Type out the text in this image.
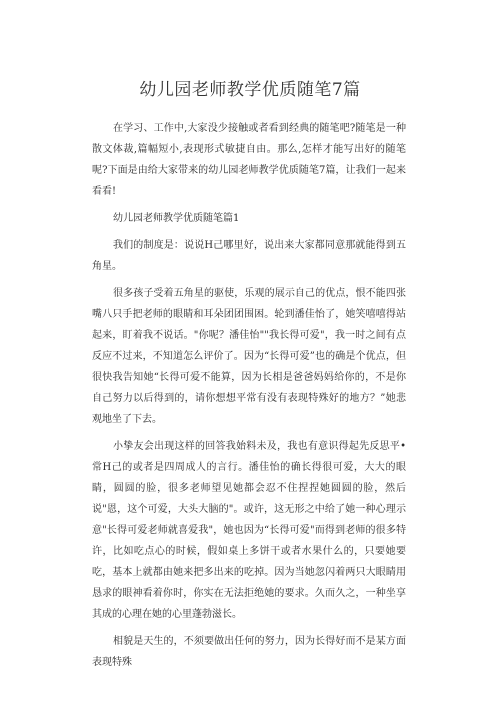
幼儿园老师教学优质随笔7篇

在学习、工作中,大家没少接触或者看到经典的随笔吧?随笔是一种散文体裁,篇幅短小,表现形式敏捷自由。那么,怎样才能写出好的随笔呢?下面是由给大家带来的幼儿园老师教学优质随笔7篇，让我们一起来看看!

幼儿园老师教学优质随笔篇1

我们的制度是：说说H己哪里好，说出来大家都同意那就能得到五角星。

很多孩子受着五角星的驱使，乐观的展示自己的优点，恨不能四张嘴八只手把老师的眼睛和耳朵团团围困。轮到潘佳怡了，她笑嘻嘻得站起来，盯着我不说话。"你呢？潘佳怡""我长得可爱"，我一时之间有点反应不过来，不知道怎么评价了。因为“长得可爱”也的确是个优点，但很快我告知她“长得可爱不能算，因为长相是爸爸妈妈给你的，不是你自己努力以后得到的，请你想想平常有没有表现特殊好的地方？”她悲观地坐了下去。

小挚友会出现这样的回答我始料未及，我也有意识得起先反思平•常H己的或者是四周成人的言行。潘佳怡的确长得很可爱，大大的眼睛，圆圆的脸，很多老师望见她都会忍不住捏捏她圆圆的脸，然后说"恩，这个可爱，大头大脑的"。或许，这无形之中给了她一种心理示意"长得可爱老师就喜爱我"，她也因为“长得可爱"而得到老师的很多特许，比如吃点心的时候，假如桌上多饼干或者水果什么的，只要她要吃，基本上就都由她来把多出来的吃掉。因为当她忽闪着两只大眼睛用恳求的眼神看着你时，你实在无法拒绝她的要求。久而久之，一种坐享其成的心理在她的心里蓬勃滋长。

相貌是天生的，不须要做出任何的努力，因为长得好而不是某方面表现特殊
